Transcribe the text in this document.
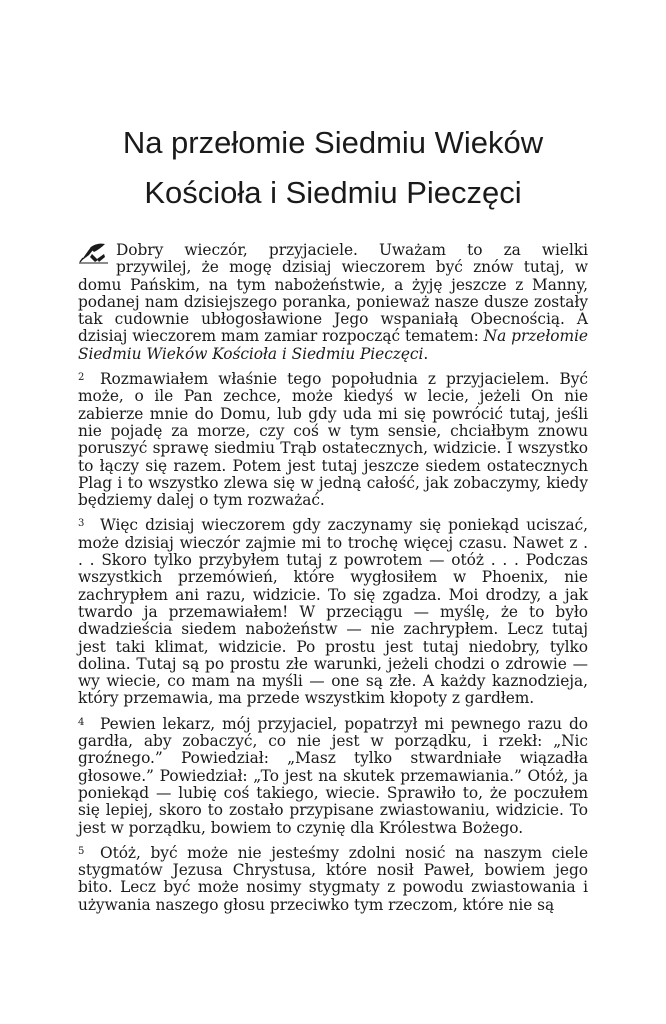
Na przełomie Siedmiu Wieków
Kościoła i Siedmiu Pieczęci

Dobry wieczór, przyjaciele. Uważam to za wielki
przywilej, że mogę dzisiaj wieczorem być znów tutaj, w domu Pańskim, na tym nabożeństwie, a żyję jeszcze z Manny, podanej nam dzisiejszego poranka, ponieważ nasze dusze zostały tak cudownie ubłogosławione Jego wspaniałą Obecnością. A dzisiaj wieczorem mam zamiar rozpocząć tematem: Na przełomie Siedmiu Wieków Kościoła i Siedmiu Pieczęci.

2 Rozmawiałem właśnie tego popołudnia z przyjacielem. Być może, o ile Pan zechce, może kiedyś w lecie, jeżeli On nie zabierze mnie do Domu, lub gdy uda mi się powrócić tutaj, jeśli nie pojadę za morze, czy coś w tym sensie, chciałbym znowu poruszyć sprawę siedmiu Trąb ostatecznych, widzicie. I wszystko to łączy się razem. Potem jest tutaj jeszcze siedem ostatecznych Plag i to wszystko zlewa się w jedną całość, jak zobaczymy, kiedy będziemy dalej o tym rozważać.

3 Więc dzisiaj wieczorem gdy zaczynamy się poniekąd uciszać, może dzisiaj wieczór zajmie mi to trochę więcej czasu. Nawet z . . . Skoro tylko przybyłem tutaj z powrotem — otóż . . . Podczas wszystkich przemówień, które wygłosiłem w Phoenix, nie zachrypłem ani razu, widzicie. To się zgadza. Moi drodzy, a jak twardo ja przemawiałem! W przeciągu — myślę, że to było dwadzieścia siedem nabożeństw — nie zachrypłem. Lecz tutaj jest taki klimat, widzicie. Po prostu jest tutaj niedobry, tylko dolina. Tutaj są po prostu złe warunki, jeżeli chodzi o zdrowie — wy wiecie, co mam na myśli — one są złe. A każdy kaznodzieja, który przemawia, ma przede wszystkim kłopoty z gardłem.

4 Pewien lekarz, mój przyjaciel, popatrzył mi pewnego razu do gardła, aby zobaczyć, co nie jest w porządku, i rzekł: „Nic groźnego.” Powiedział: „Masz tylko stwardniałe wiązadła głosowe.” Powiedział: „To jest na skutek przemawiania.” Otóż, ja poniekąd — lubię coś takiego, wiecie. Sprawiło to, że poczułem się lepiej, skoro to zostało przypisane zwiastowaniu, widzicie. To jest w porządku, bowiem to czynię dla Królestwa Bożego.

5 Otóż, być może nie jesteśmy zdolni nosić na naszym ciele stygmatów Jezusa Chrystusa, które nosił Paweł, bowiem jego bito. Lecz być może nosimy stygmaty z powodu zwiastowania i używania naszego głosu przeciwko tym rzeczom, które nie są
